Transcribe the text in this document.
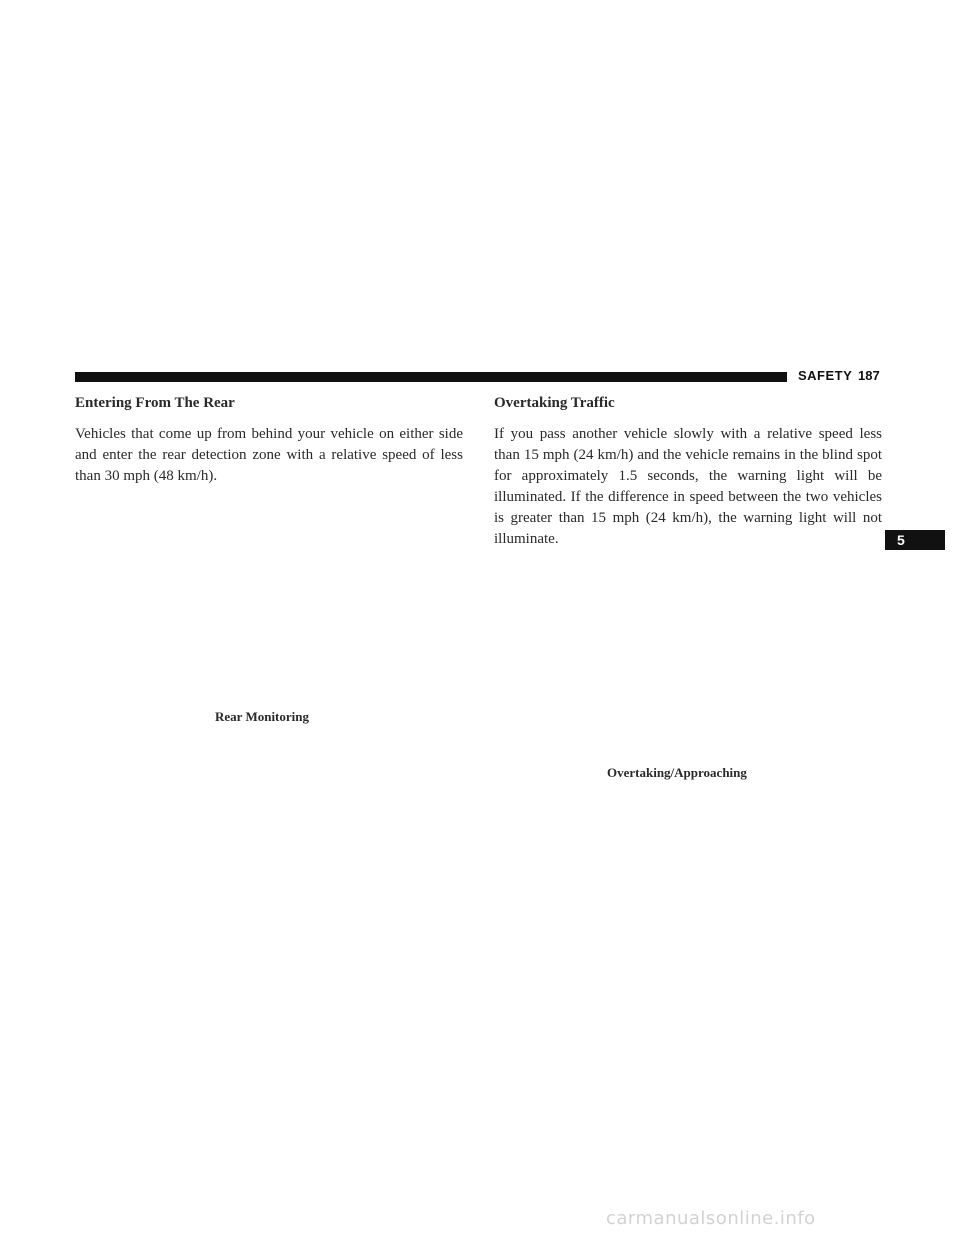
SAFETY 187
Entering From The Rear

Vehicles that come up from behind your vehicle on either side and enter the rear detection zone with a relative speed of less than 30 mph (48 km/h).

Overtaking Traffic

If you pass another vehicle slowly with a relative speed less than 15 mph (24 km/h) and the vehicle remains in the blind spot for approximately 1.5 seconds, the warning light will be illuminated. If the difference in speed between the two vehicles is greater than 15 mph (24 km/h), the warning light will not illuminate.

Rear Monitoring
Overtaking/Approaching
5
carmanualsonline.info
